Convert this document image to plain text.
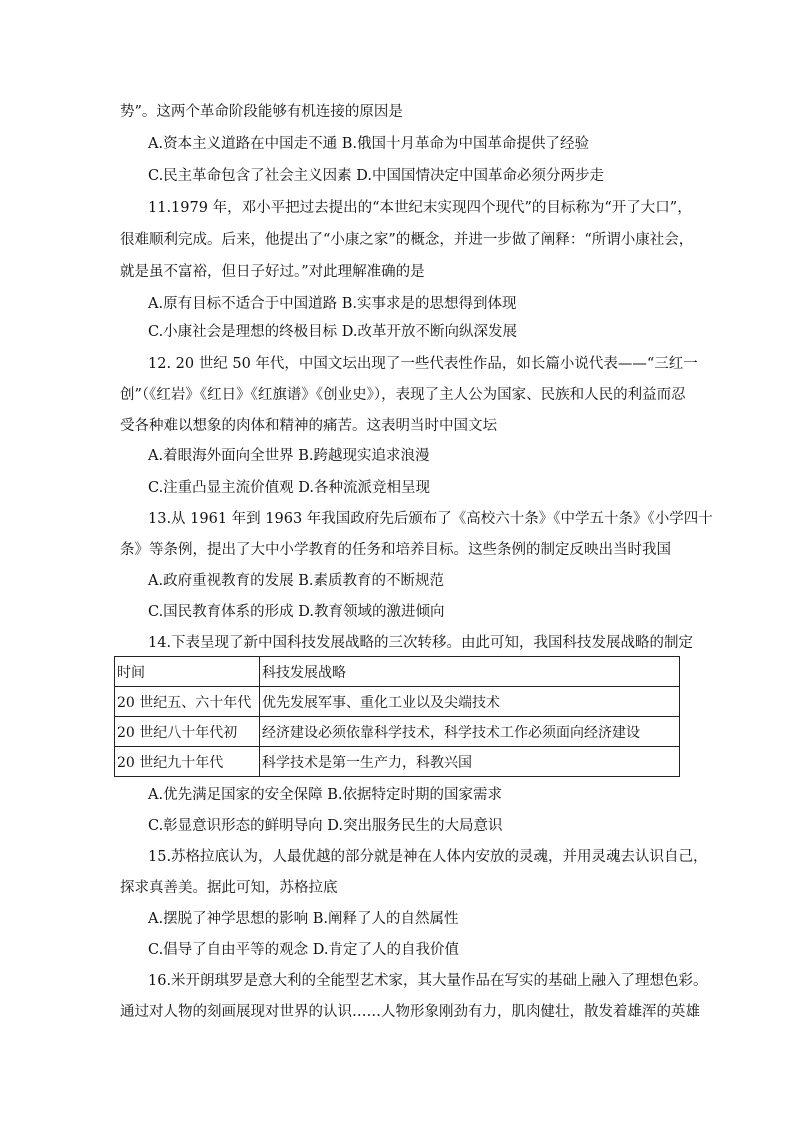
势”。这两个革命阶段能够有机连接的原因是
A.资本主义道路在中国走不通 B.俄国十月革命为中国革命提供了经验
C.民主革命包含了社会主义因素 D.中国国情决定中国革命必须分两步走
11.1979 年，邓小平把过去提出的“本世纪末实现四个现代”的目标称为“开了大口”，
很难顺利完成。后来，他提出了“小康之家”的概念，并进一步做了阐释：“所谓小康社会，
就是虽不富裕，但日子好过。”对此理解准确的是
A.原有目标不适合于中国道路 B.实事求是的思想得到体现
C.小康社会是理想的终极目标 D.改革开放不断向纵深发展
12. 20 世纪 50 年代，中国文坛出现了一些代表性作品，如长篇小说代表——“三红一
创”（《红岩》《红日》《红旗谱》《创业史》），表现了主人公为国家、民族和人民的利益而忍
受各种难以想象的肉体和精神的痛苦。这表明当时中国文坛
A.着眼海外面向全世界 B.跨越现实追求浪漫
C.注重凸显主流价值观 D.各种流派竞相呈现
13.从 1961 年到 1963 年我国政府先后颁布了《高校六十条》《中学五十条》《小学四十
条》等条例，提出了大中小学教育的任务和培养目标。这些条例的制定反映出当时我国
A.政府重视教育的发展 B.素质教育的不断规范
C.国民教育体系的形成 D.教育领域的激进倾向
14.下表呈现了新中国科技发展战略的三次转移。由此可知，我国科技发展战略的制定
时间	科技发展战略
20 世纪五、六十年代	优先发展军事、重化工业以及尖端技术
20 世纪八十年代初	经济建设必须依靠科学技术，科学技术工作必须面向经济建设
20 世纪九十年代	科学技术是第一生产力，科教兴国
A.优先满足国家的安全保障 B.依据特定时期的国家需求
C.彰显意识形态的鲜明导向 D.突出服务民生的大局意识
15.苏格拉底认为，人最优越的部分就是神在人体内安放的灵魂，并用灵魂去认识自己，
探求真善美。据此可知，苏格拉底
A.摆脱了神学思想的影响 B.阐释了人的自然属性
C.倡导了自由平等的观念 D.肯定了人的自我价值
16.米开朗琪罗是意大利的全能型艺术家，其大量作品在写实的基础上融入了理想色彩。
通过对人物的刻画展现对世界的认识……人物形象刚劲有力，肌肉健壮，散发着雄浑的英雄
